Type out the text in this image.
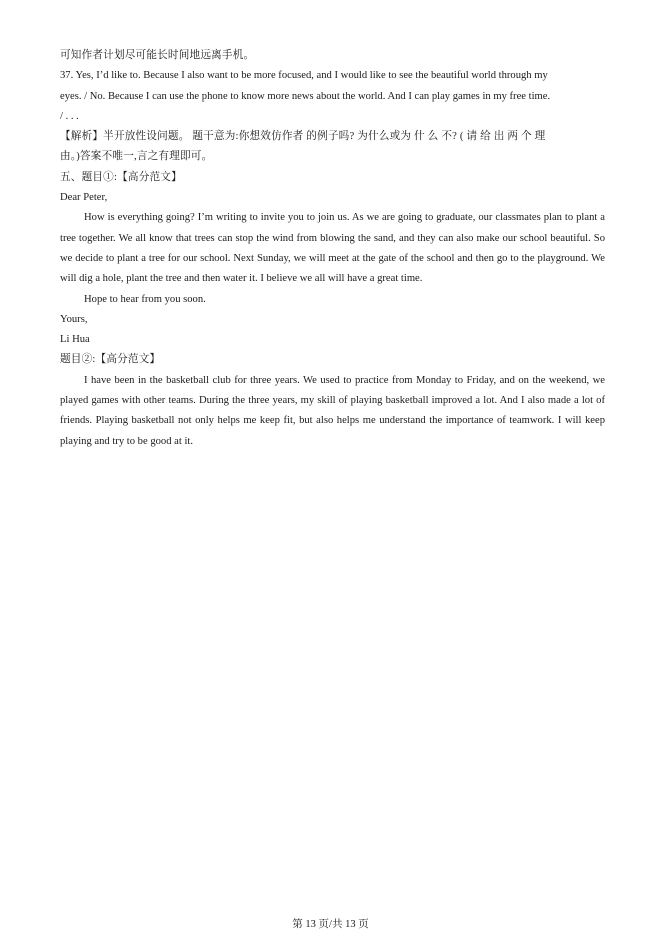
可知作者计划尽可能长时间地远离手机。

37. Yes, I’d like to. Because I also want to be more focused, and I would like to see the beautiful world through my

eyes. / No. Because I can use the phone to know more news about the world. And I can play games in my free time.

/ . . .

【解析】半开放性设问题。 题干意为:你想效仿作者 的例子吗? 为什么或为 什 么 不? ( 请 给 出 两 个 理

由。)答案不唯一,言之有理即可。

五、题目①:【高分范文】

Dear Peter,

How is everything going? I’m writing to invite you to join us. As we are going to graduate, our classmates plan to plant a tree together. We all know that trees can stop the wind from blowing the sand, and they can also make our school beautiful. So we decide to plant a tree for our school. Next Sunday, we will meet at the gate of the school and then go to the playground. We will dig a hole, plant the tree and then water it. I believe we all will have a great time.

Hope to hear from you soon.

Yours,

Li Hua

题目②:【高分范文】

I have been in the basketball club for three years. We used to practice from Monday to Friday, and on the weekend, we played games with other teams. During the three years, my skill of playing basketball improved a lot. And I also made a lot of friends. Playing basketball not only helps me keep fit, but also helps me understand the importance of teamwork. I will keep playing and try to be good at it.

第 13 页/共 13 页
